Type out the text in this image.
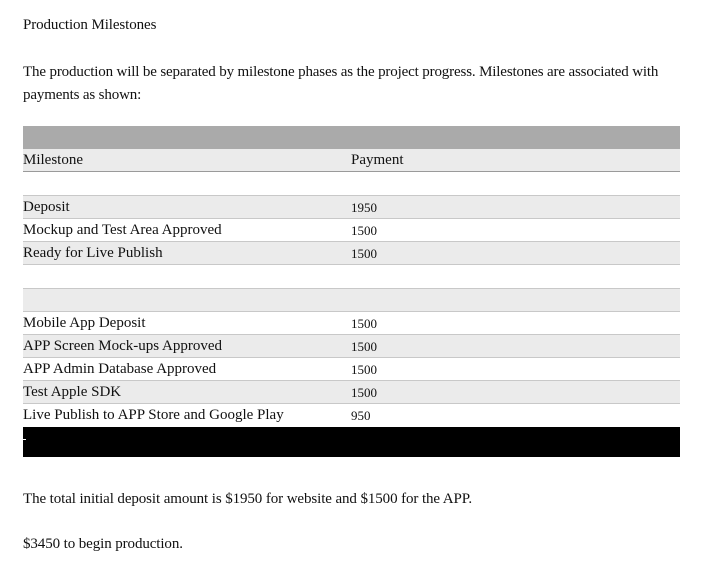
Production Milestones
The production will be separated by milestone phases as the project progress. Milestones are associated with payments as shown:
Milestone	Payment
Deposit	1950
Mockup and Test Area Approved	1500
Ready for Live Publish	1500
Mobile App Deposit	1500
APP Screen Mock-ups Approved	1500
APP Admin Database Approved	1500
Test Apple SDK	1500
Live Publish to APP Store and Google Play	950
The total initial deposit amount is $1950 for website and $1500 for the APP.
$3450 to begin production.
